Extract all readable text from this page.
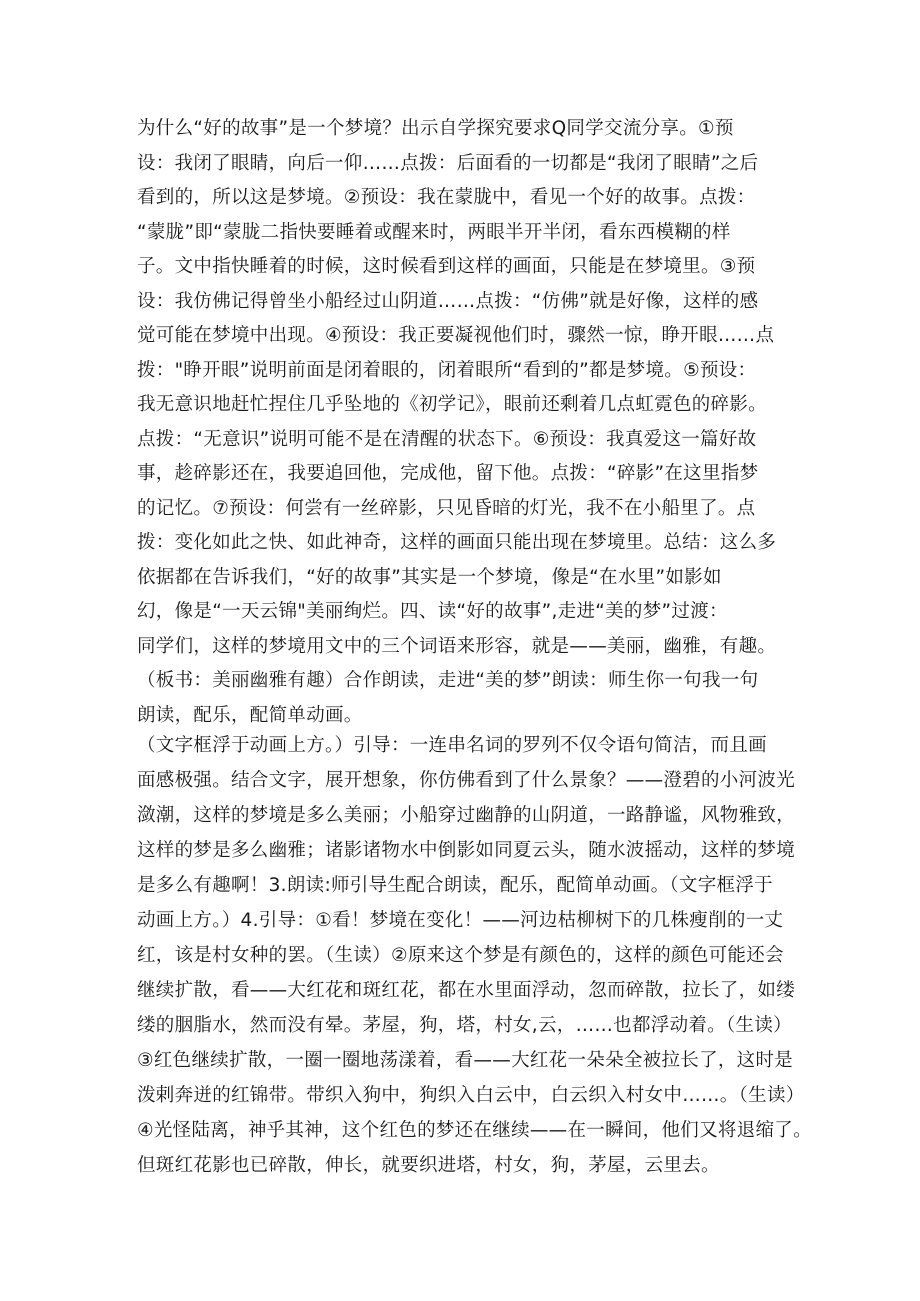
为什么“好的故事”是一个梦境？出示自学探究要求Q同学交流分享。①预
设：我闭了眼睛，向后一仰……点拨：后面看的一切都是“我闭了眼睛”之后
看到的，所以这是梦境。②预设：我在蒙胧中，看见一个好的故事。点拨：
“蒙胧”即“蒙胧二指快要睡着或醒来时，两眼半开半闭，看东西模糊的样
子。文中指快睡着的时候，这时候看到这样的画面，只能是在梦境里。③预
设：我仿佛记得曾坐小船经过山阴道……点拨：“仿佛”就是好像，这样的感
觉可能在梦境中出现。④预设：我正要凝视他们时，骤然一惊，睁开眼……点
拨："睁开眼”说明前面是闭着眼的，闭着眼所“看到的”都是梦境。⑤预设：
我无意识地赶忙捏住几乎坠地的《初学记》，眼前还剩着几点虹霓色的碎影。
点拨：“无意识”说明可能不是在清醒的状态下。⑥预设：我真爱这一篇好故
事，趁碎影还在，我要追回他，完成他，留下他。点拨：“碎影”在这里指梦
的记忆。⑦预设：何尝有一丝碎影，只见昏暗的灯光，我不在小船里了。点
拨：变化如此之快、如此神奇，这样的画面只能出现在梦境里。总结：这么多
依据都在告诉我们，“好的故事”其实是一个梦境，像是“在水里”如影如
幻，像是“一天云锦"美丽绚烂。四、读“好的故事”,走进“美的梦”过渡：
同学们，这样的梦境用文中的三个词语来形容，就是——美丽，幽雅，有趣。
（板书：美丽幽雅有趣）合作朗读，走进“美的梦”朗读：师生你一句我一句
朗读，配乐，配简单动画。
（文字框浮于动画上方。）引导：一连串名词的罗列不仅令语句简洁，而且画
面感极强。结合文字，展开想象，你仿佛看到了什么景象？——澄碧的小河波光
潋潮，这样的梦境是多么美丽；小船穿过幽静的山阴道，一路静谧，风物雅致，
这样的梦是多么幽雅；诸影诸物水中倒影如同夏云头，随水波摇动，这样的梦境
是多么有趣啊！3.朗读:师引导生配合朗读，配乐，配简单动画。（文字框浮于
动画上方。）4.引导：①看！梦境在变化！——河边枯柳树下的几株瘦削的一丈
红，该是村女种的罢。（生读）②原来这个梦是有颜色的，这样的颜色可能还会
继续扩散，看——大红花和斑红花，都在水里面浮动，忽而碎散，拉长了，如缕
缕的胭脂水，然而没有晕。茅屋，狗，塔，村女,云，……也都浮动着。（生读）
③红色继续扩散，一圈一圈地荡漾着，看——大红花一朵朵全被拉长了，这时是
泼剌奔迸的红锦带。带织入狗中，狗织入白云中，白云织入村女中……。（生读）
④光怪陆离，神乎其神，这个红色的梦还在继续——在一瞬间，他们又将退缩了。
但斑红花影也已碎散，伸长，就要织进塔，村女，狗，茅屋，云里去。
